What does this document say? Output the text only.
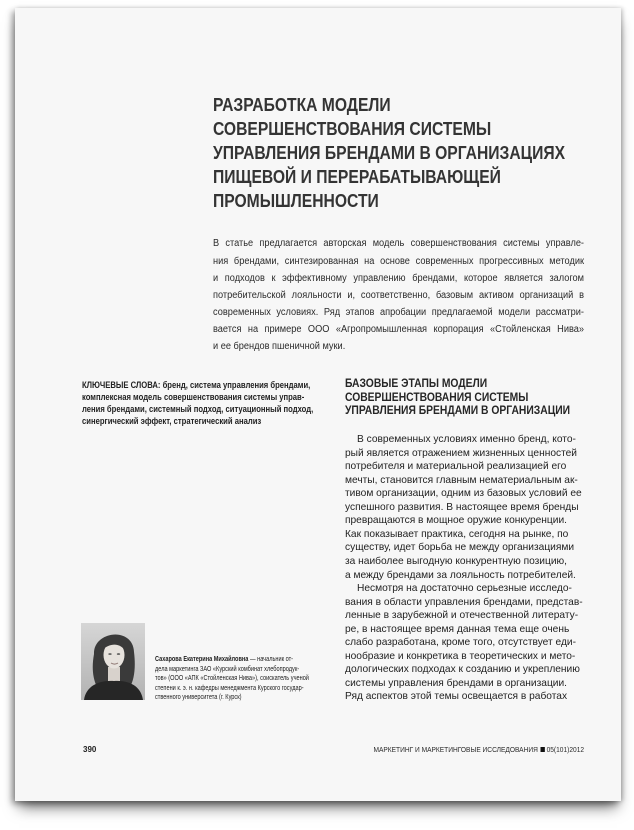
РАЗРАБОТКА МОДЕЛИ
СОВЕРШЕНСТВОВАНИЯ СИСТЕМЫ
УПРАВЛЕНИЯ БРЕНДАМИ В ОРГАНИЗАЦИЯХ
ПИЩЕВОЙ И ПЕРЕРАБАТЫВАЮЩЕЙ
ПРОМЫШЛЕННОСТИ
В статье предлагается авторская модель совершенствования системы управле-
ния брендами, синтезированная на основе современных прогрессивных методик
и подходов к эффективному управлению брендами, которое является залогом
потребительской лояльности и, соответственно, базовым активом организаций в
современных условиях. Ряд этапов апробации предлагаемой модели рассматри-
вается на примере ООО «Агропромышленная корпорация «Стойленская Нива»
и ее брендов пшеничной муки.
КЛЮЧЕВЫЕ СЛОВА: бренд, система управления брендами,
комплексная модель совершенствования системы управ-
ления брендами, системный подход, ситуационный подход,
синергический эффект, стратегический анализ
БАЗОВЫЕ ЭТАПЫ МОДЕЛИ
СОВЕРШЕНСТВОВАНИЯ СИСТЕМЫ
УПРАВЛЕНИЯ БРЕНДАМИ В ОРГАНИЗАЦИИ
В современных условиях именно бренд, кото-
рый является отражением жизненных ценностей
потребителя и материальной реализацией его
мечты, становится главным нематериальным ак-
тивом организации, одним из базовых условий ее
успешного развития. В настоящее время бренды
превращаются в мощное оружие конкуренции.
Как показывает практика, сегодня на рынке, по
существу, идет борьба не между организациями
за наиболее выгодную конкурентную позицию,
а между брендами за лояльность потребителей.
Несмотря на достаточно серьезные исследо-
вания в области управления брендами, представ-
ленные в зарубежной и отечественной литерату-
ре, в настоящее время данная тема еще очень
слабо разработана, кроме того, отсутствует еди-
нообразие и конкретика в теоретических и мето-
дологических подходах к созданию и укреплению
системы управления брендами в организации.
Ряд аспектов этой темы освещается в работах
Сахарова Екатерина Михайловна — начальник от-
дела маркетинга ЗАО «Курский комбинат хлебопродук-
тов» (ООО «АПК «Стойленская Нива»), соискатель ученой
степени к. э. н. кафедры менеджмента Курского государ-
ственного университета (г. Курск)
390	МАРКЕТИНГ И МАРКЕТИНГОВЫЕ ИССЛЕДОВАНИЯ 05(101)2012
